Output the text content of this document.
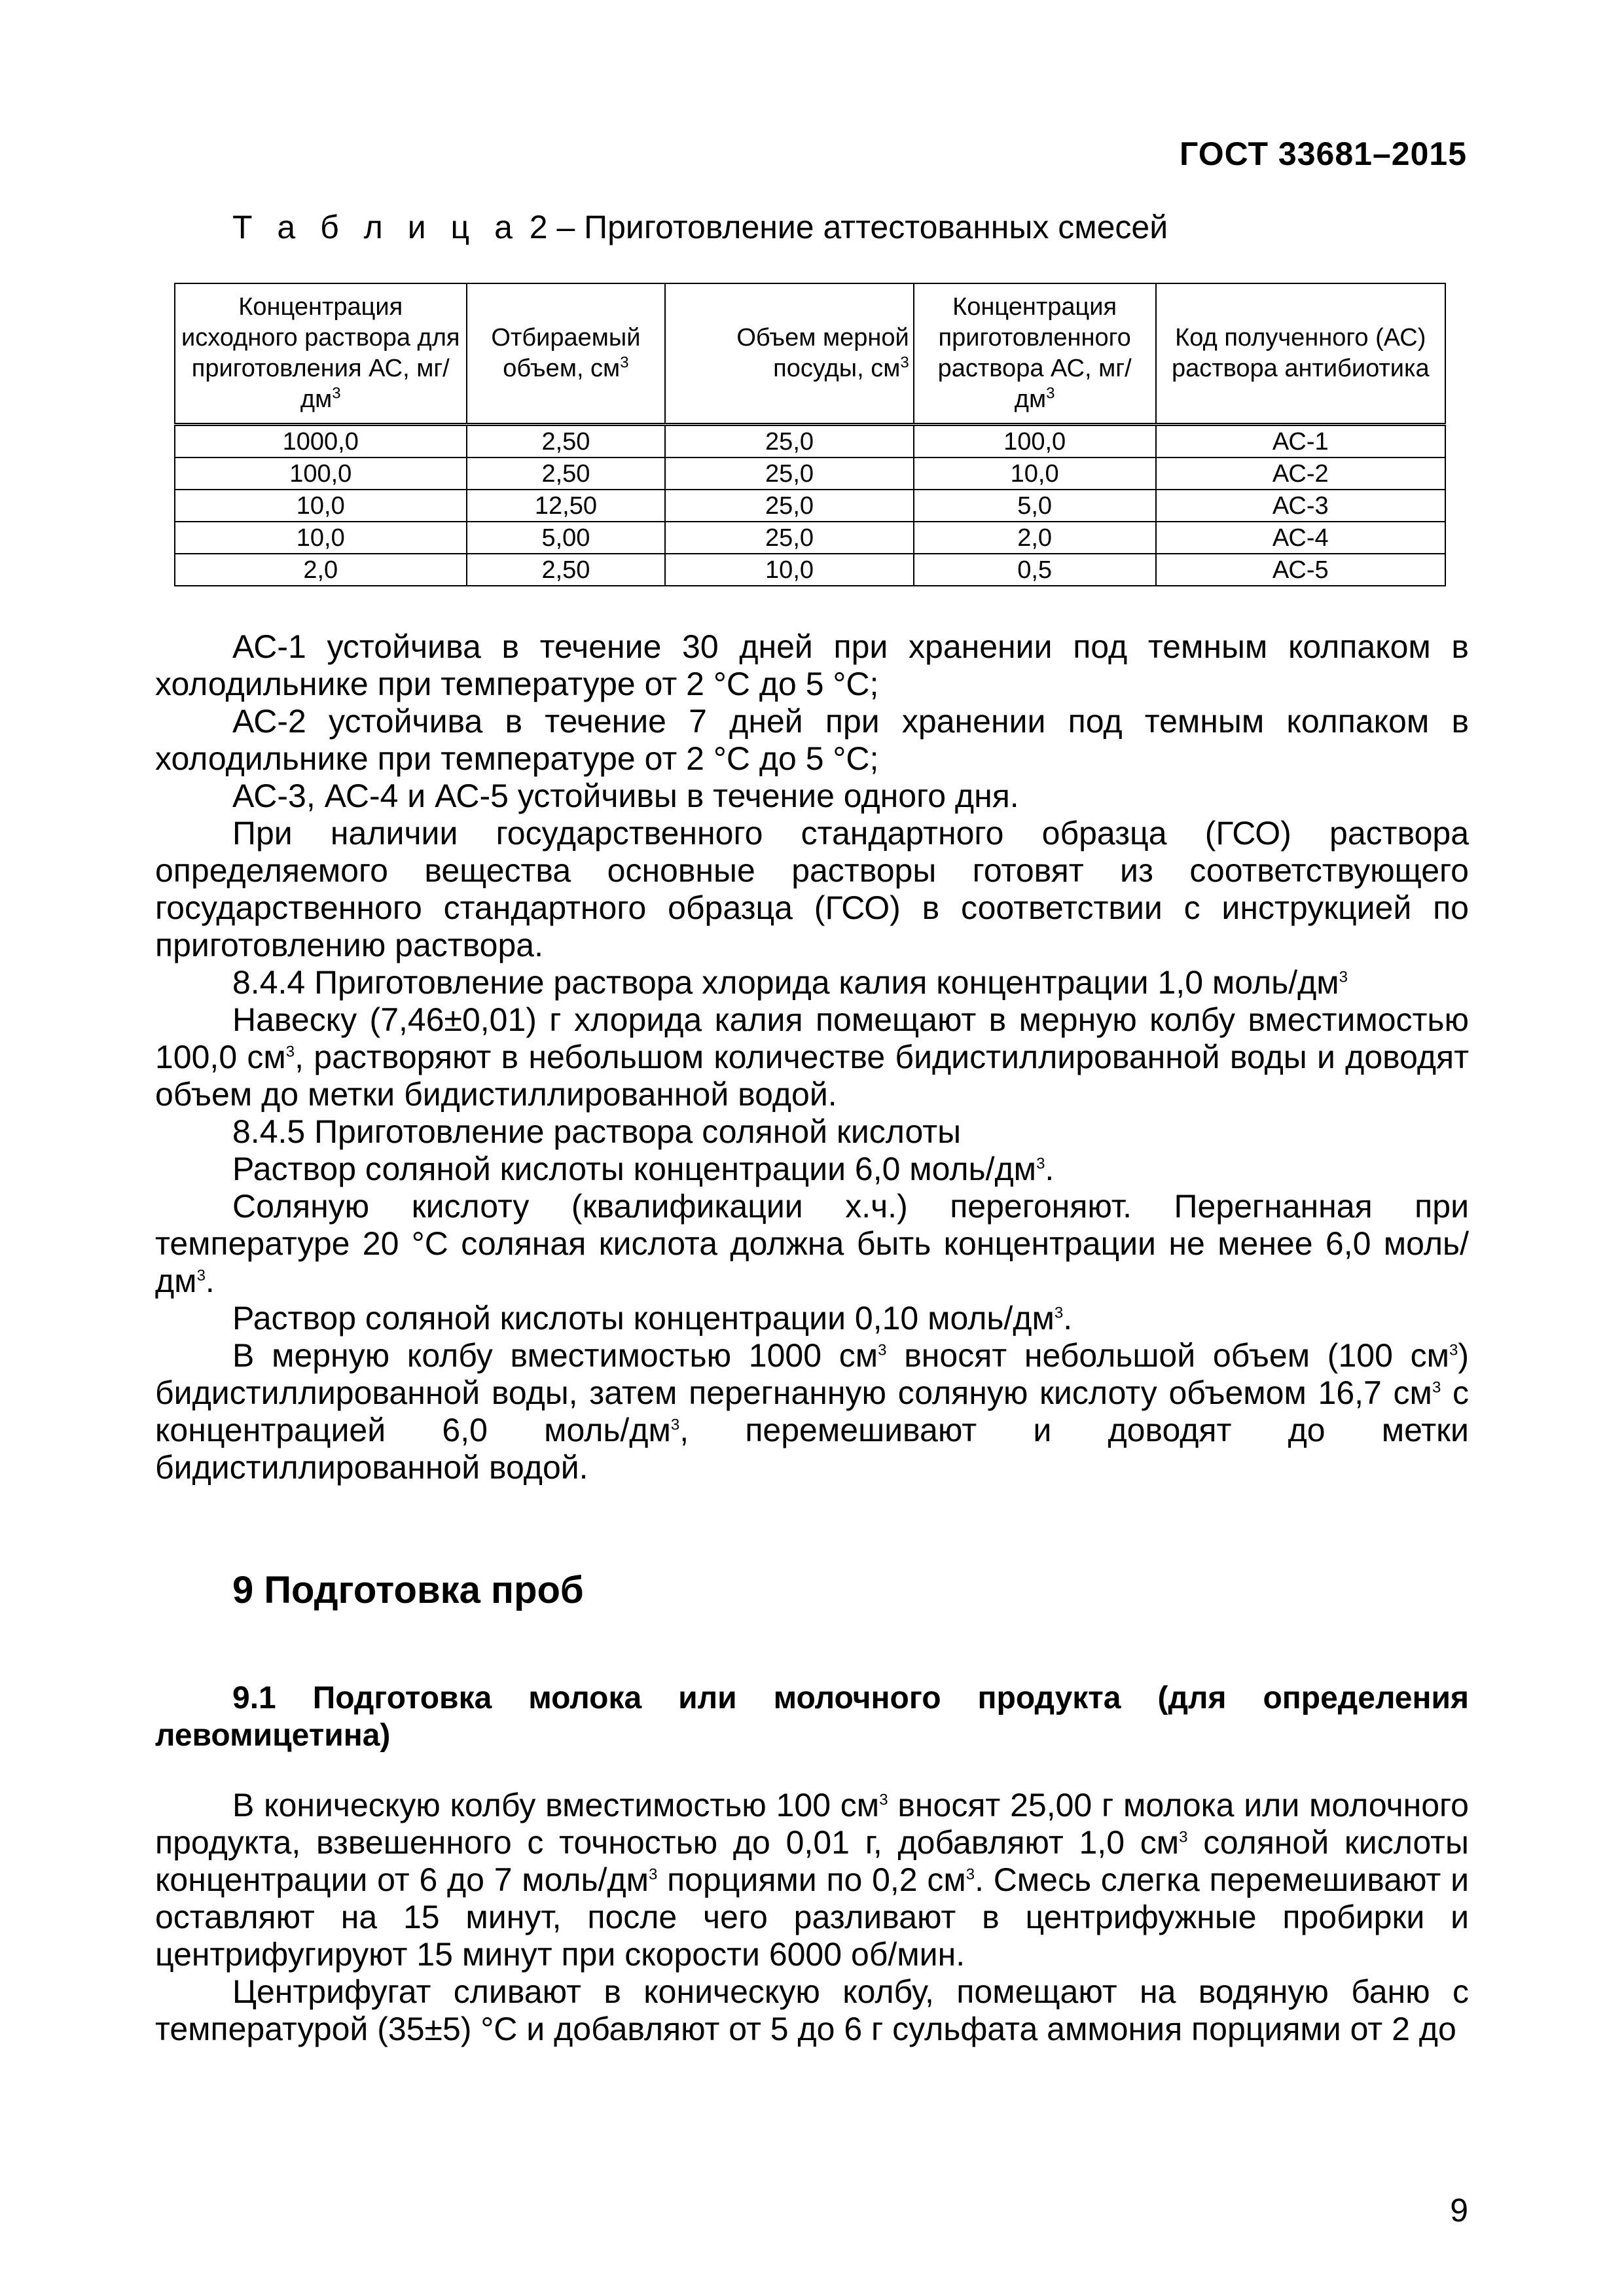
ГОСТ 33681–2015
Т а б л и ц а 2 – Приготовление аттестованных смесей
Концентрация исходного раствора для приготовления АС, $мг/дм^3$	Отбираемый объем, $см^3$	Объем мерной посуды, $см^3$	Концентрация приготовленного раствора АС, $мг/дм^3$	Код полученного (АС) раствора антибиотика
1000,0	2,50	25,0	100,0	АС-1
100,0	2,50	25,0	10,0	АС-2
10,0	12,50	25,0	5,0	АС-3
10,0	5,00	25,0	2,0	АС-4
2,0	2,50	10,0	0,5	АС-5

АС-1 устойчива в течение 30 дней при хранении под темным колпаком в холодильнике при температуре от 2 °С до 5 °С;

АС-2 устойчива в течение 7 дней при хранении под темным колпаком в холодильнике при температуре от 2 °С до 5 °С;

АС-3, АС-4 и АС-5 устойчивы в течение одного дня.

При наличии государственного стандартного образца (ГСО) раствора определяемого вещества основные растворы готовят из соответствующего государственного стандартного образца (ГСО) в соответствии с инструкцией по приготовлению раствора.

8.4.4 Приготовление раствора хлорида калия концентрации 1,0 моль/$дм^3$

Навеску (7,46±0,01) г хлорида калия помещают в мерную колбу вместимостью 100,0 $см^3$, растворяют в небольшом количестве бидистиллированной воды и доводят объем до метки бидистиллированной водой.

8.4.5 Приготовление раствора соляной кислоты

Раствор соляной кислоты концентрации 6,0 моль/$дм^3$.

Соляную кислоту (квалификации х.ч.) перегоняют. Перегнанная при температуре 20 °С соляная кислота должна быть концентрации не менее 6,0 моль/$дм^3$.

Раствор соляной кислоты концентрации 0,10 моль/$дм^3$.

В мерную колбу вместимостью 1000 $см^3$ вносят небольшой объем (100 $см^3$) бидистиллированной воды, затем перегнанную соляную кислоту объемом 16,7 $см^3$ с концентрацией 6,0 моль/$дм^3$, перемешивают и доводят до метки бидистиллированной водой.

9 Подготовка проб
9.1 Подготовка молока или молочного продукта (для определения левомицетина)

В коническую колбу вместимостью 100 $см^3$ вносят 25,00 г молока или молочного продукта, взвешенного с точностью до 0,01 г, добавляют 1,0 $см^3$ соляной кислоты концентрации от 6 до 7 моль/$дм^3$ порциями по 0,2 $см^3$. Смесь слегка перемешивают и оставляют на 15 минут, после чего разливают в центрифужные пробирки и центрифугируют 15 минут при скорости 6000 об/мин.

Центрифугат сливают в коническую колбу, помещают на водяную баню с температурой (35±5) °С и добавляют от 5 до 6 г сульфата аммония порциями от 2 до

9
